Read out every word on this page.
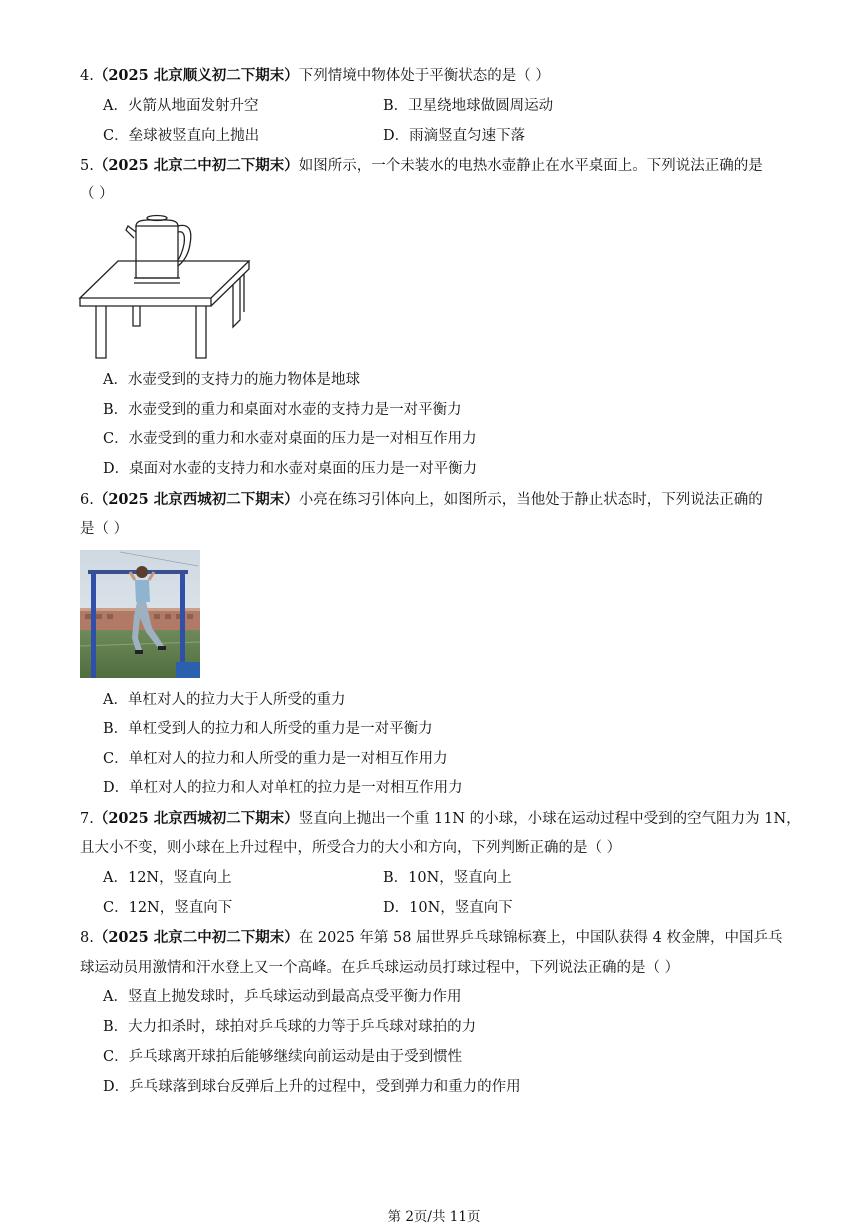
4.（2025 北京顺义初二下期末）下列情境中物体处于平衡状态的是（ ）
A．火箭从地面发射升空	B．卫星绕地球做圆周运动
C．垒球被竖直向上抛出	D．雨滴竖直匀速下落
5.（2025 北京二中初二下期末）如图所示，一个未装水的电热水壶静止在水平桌面上。下列说法正确的是
（ ）
A．水壶受到的支持力的施力物体是地球
B．水壶受到的重力和桌面对水壶的支持力是一对平衡力
C．水壶受到的重力和水壶对桌面的压力是一对相互作用力
D．桌面对水壶的支持力和水壶对桌面的压力是一对平衡力
6.（2025 北京西城初二下期末）小亮在练习引体向上，如图所示，当他处于静止状态时，下列说法正确的
是（ ）
A．单杠对人的拉力大于人所受的重力
B．单杠受到人的拉力和人所受的重力是一对平衡力
C．单杠对人的拉力和人所受的重力是一对相互作用力
D．单杠对人的拉力和人对单杠的拉力是一对相互作用力
7.（2025 北京西城初二下期末）竖直向上抛出一个重 11N 的小球，小球在运动过程中受到的空气阻力为 1N，
且大小不变，则小球在上升过程中，所受合力的大小和方向，下列判断正确的是（ ）
A．12N，竖直向上	B．10N，竖直向上
C．12N，竖直向下	D．10N，竖直向下
8.（2025 北京二中初二下期末）在 2025 年第 58 届世界乒乓球锦标赛上，中国队获得 4 枚金牌，中国乒乓
球运动员用激情和汗水登上又一个高峰。在乒乓球运动员打球过程中，下列说法正确的是（ ）
A．竖直上抛发球时，乒乓球运动到最高点受平衡力作用
B．大力扣杀时，球拍对乒乓球的力等于乒乓球对球拍的力
C．乒乓球离开球拍后能够继续向前运动是由于受到惯性
D．乒乓球落到球台反弹后上升的过程中，受到弹力和重力的作用
第 2页/共 11页
